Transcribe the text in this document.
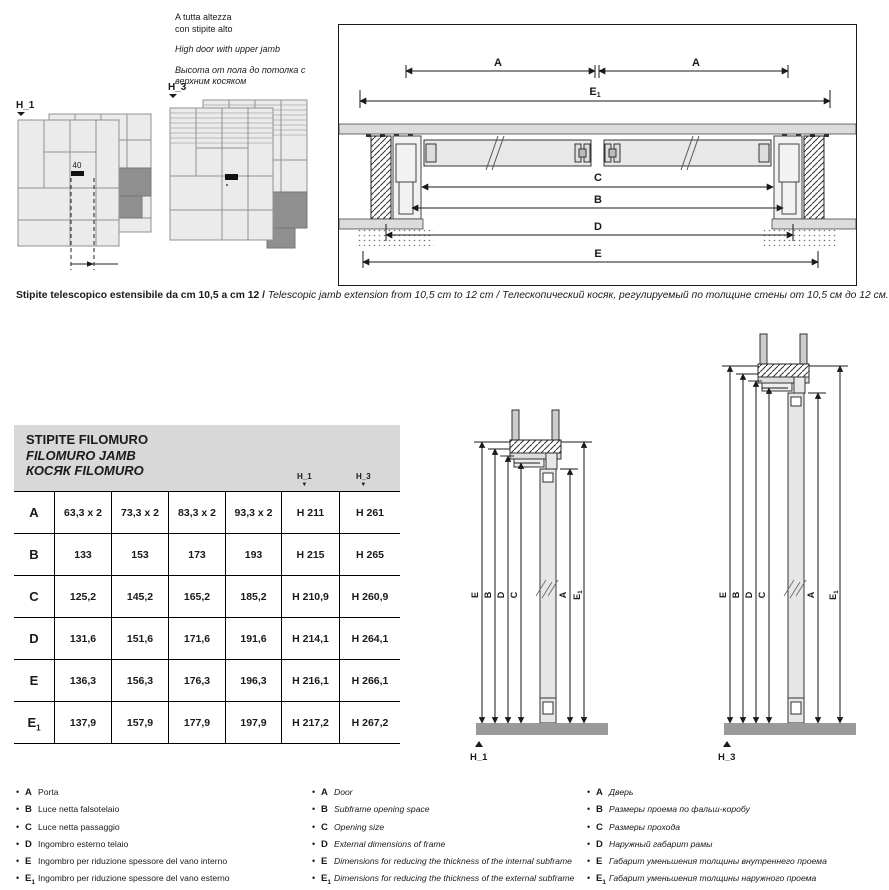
A tutta altezza
con stipite alto
High door with upper jamb
Высота от пола до потолка с
верхним косяком
H_1
40
H_3
A	A
E1
C
B
D
E
Stipite telescopico estensibile da cm 10,5 a cm 12 / Telescopic jamb extension from 10,5 cm to 12 cm / Телескопический косяк, регулируемый по толщине стены от 10,5 см до 12 см.
STIPITE FILOMURO
FILOMURO JAMB
КОСЯК FILOMURO	H_1
▼
H_3
▼
A	63,3 x 2	73,3 x 2	83,3 x 2	93,3 x 2	H 211	H 261
B	133	153	173	193	H 215	H 265
C	125,2	145,2	165,2	185,2	H 210,9	H 260,9
D	131,6	151,6	171,6	191,6	H 214,1	H 264,1
E	136,3	156,3	176,3	196,3	H 216,1	H 266,1
$E_1$	137,9	157,9	177,9	197,9	H 217,2	H 267,2
E B D C	A $E_1$
H_1
E B D C	A $E_1$
H_3
• A Porta
• B Luce netta falsotelaio
• C Luce netta passaggio
• D Ingombro esterno telaio
• E Ingombro per riduzione spessore del vano interno
• $E_1$ Ingombro per riduzione spessore del vano esterno
• A Door
• B Subframe opening space
• C Opening size
• D External dimensions of frame
• E Dimensions for reducing the thickness of the internal subframe
• $E_1$ Dimensions for reducing the thickness of the external subframe
• A Дверь
• B Размеры проема по фальш-коробу
• C Размеры прохода
• D Наружный габарит рамы
• E Габарит уменьшения толщины внутреннего проема
• $E_1$ Габарит уменьшения толщины наружного проема
